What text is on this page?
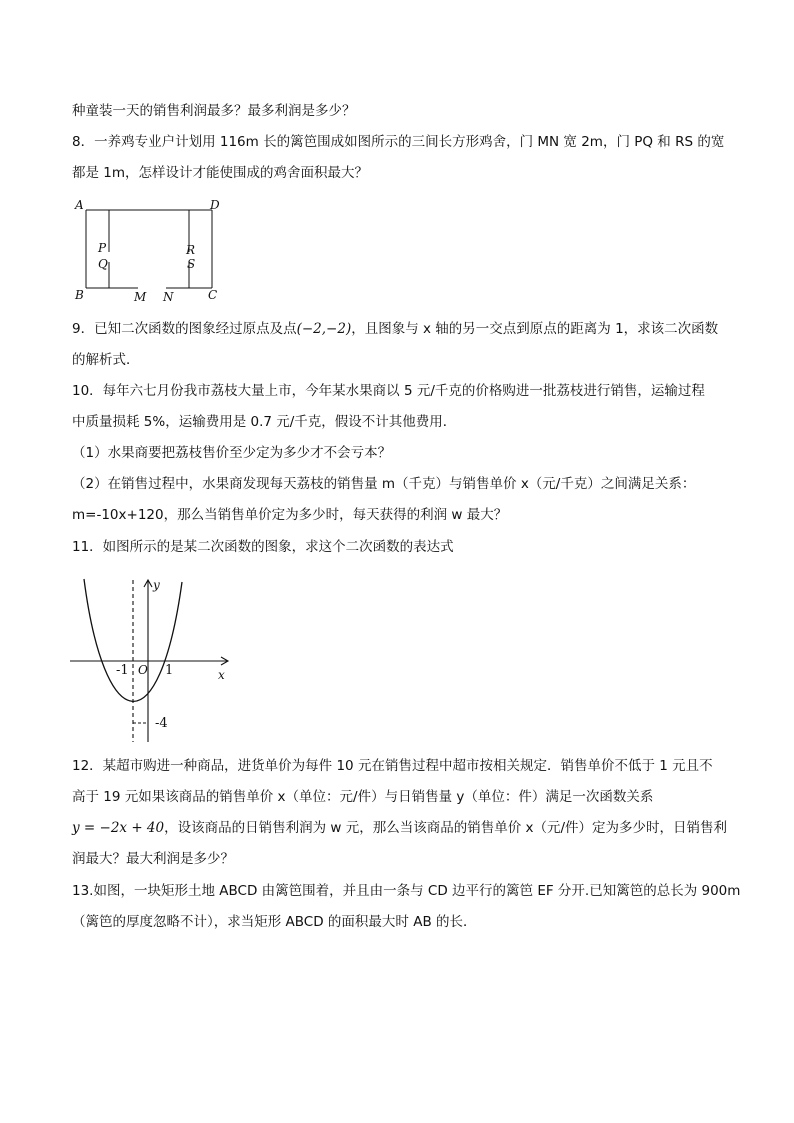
种童装一天的销售利润最多？最多利润是多少？
8．一养鸡专业户计划用 116m 长的篱笆围成如图所示的三间长方形鸡舍，门 MN 宽 2m，门 PQ 和 RS 的宽
都是 1m，怎样设计才能使围成的鸡舍面积最大？
A	D
P
Q
R
S
B	M N	C
9．已知二次函数的图象经过原点及点(−2,−2)，且图象与 x 轴的另一交点到原点的距离为 1，求该二次函数
的解析式．
10．每年六七月份我市荔枝大量上市，今年某水果商以 5 元/千克的价格购进一批荔枝进行销售，运输过程
中质量损耗 5%，运输费用是 0.7 元/千克，假设不计其他费用．
（1）水果商要把荔枝售价至少定为多少才不会亏本？
（2）在销售过程中，水果商发现每天荔枝的销售量 m（千克）与销售单价 x（元/千克）之间满足关系：
m=-10x+120，那么当销售单价定为多少时，每天获得的利润 w 最大？
11．如图所示的是某二次函数的图象，求这个二次函数的表达式
y
x
O
-1	1
-4
12．某超市购进一种商品，进货单价为每件 10 元在销售过程中超市按相关规定．销售单价不低于 1 元且不
高于 19 元如果该商品的销售单价 x（单位：元/件）与日销售量 y（单位：件）满足一次函数关系
y = −2x + 40，设该商品的日销售利润为 w 元，那么当该商品的销售单价 x（元/件）定为多少时，日销售利
润最大？最大利润是多少？
13.如图，一块矩形土地 ABCD 由篱笆围着，并且由一条与 CD 边平行的篱笆 EF 分开.已知篱笆的总长为 900m
（篱笆的厚度忽略不计），求当矩形 ABCD 的面积最大时 AB 的长．
